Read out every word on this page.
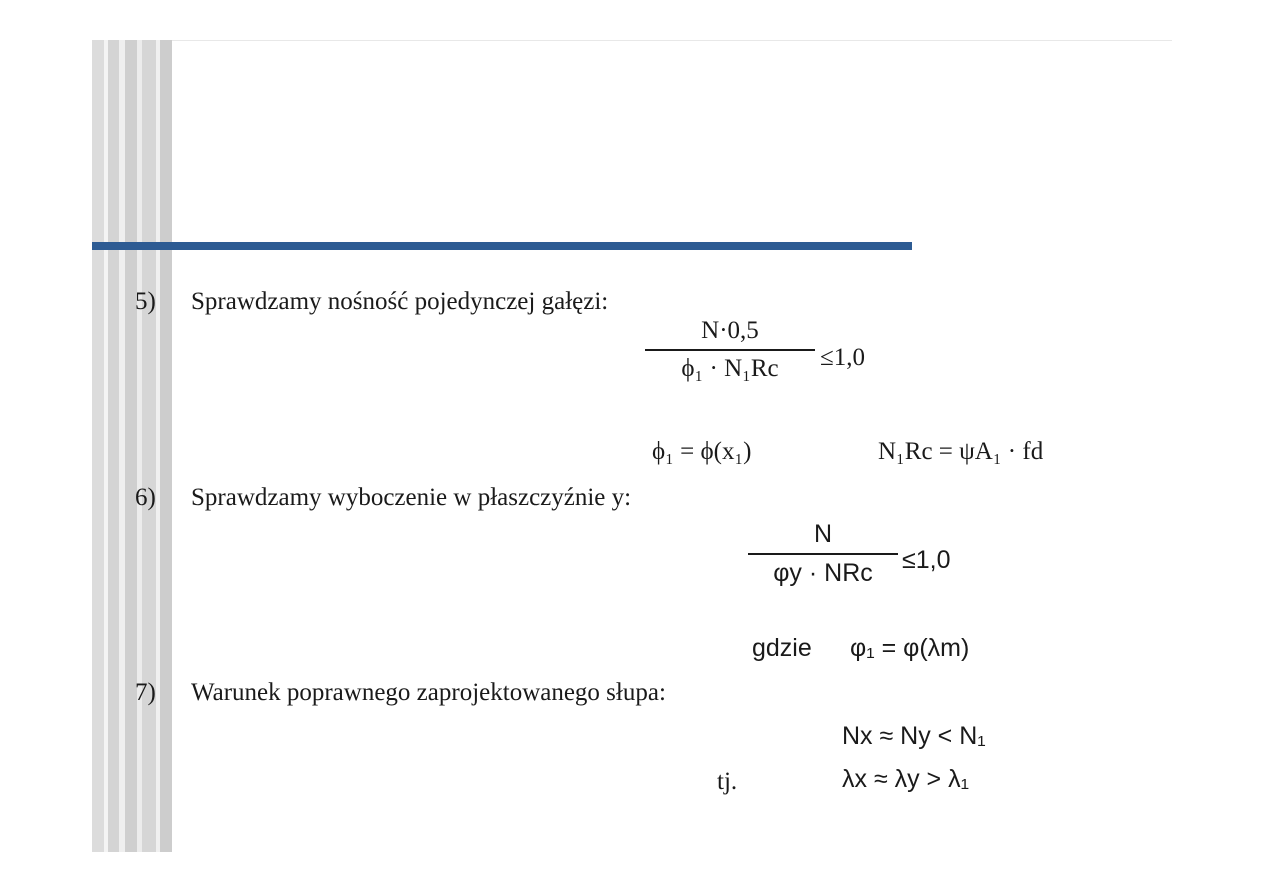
5) Sprawdzamy nośność pojedynczej gałęzi:
$\frac{N\cdot 0,5}{\text{ϕ₁ · N₁Rc}} \le 1,0$
ϕ₁ = ϕ(x₁)	N₁Rc = ψA₁ · fd
6) Sprawdzamy wyboczenie w płaszczyźnie y:
N
φy · NRc	≤1,0
gdzie φ₁ = φ(λm)
7) Warunek poprawnego zaprojektowanego słupa:
Nx ≈ Ny < N₁
tj.	λx ≈ λy > λ₁
